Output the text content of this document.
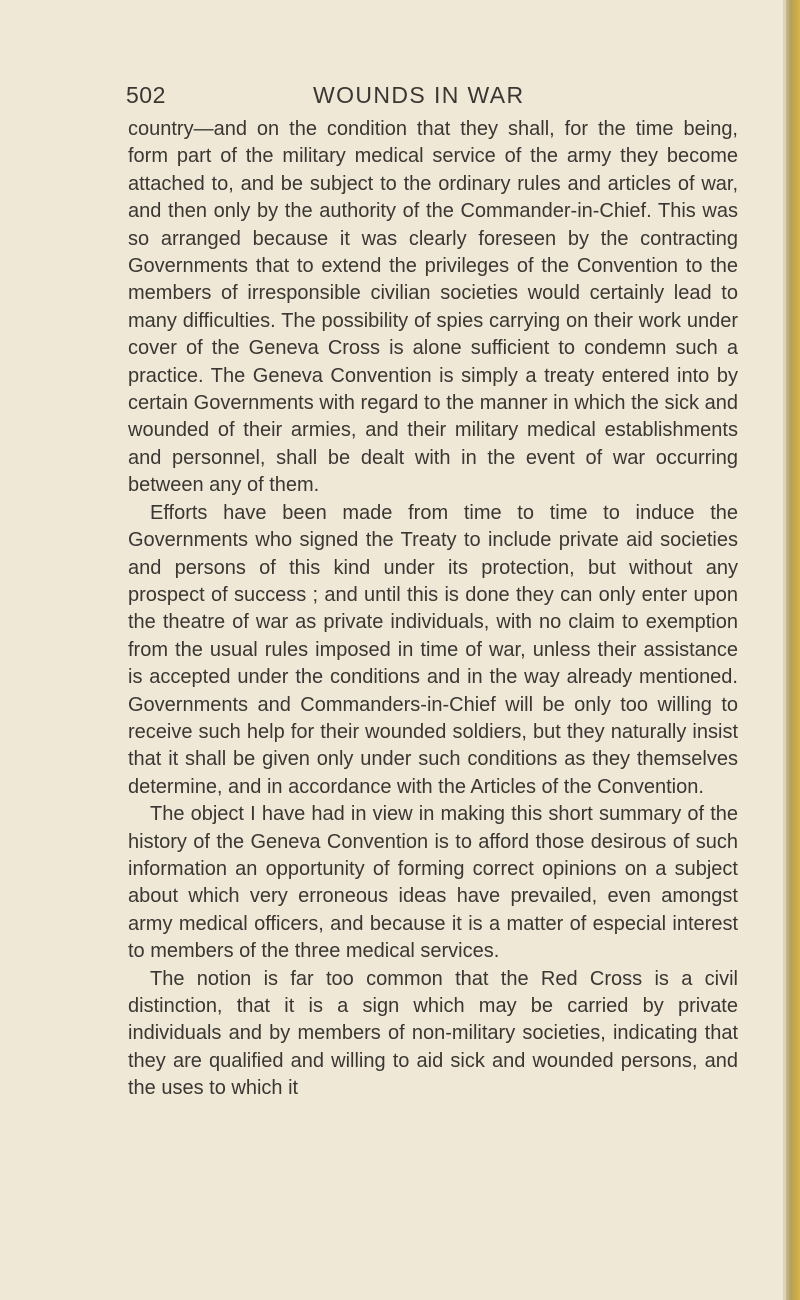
502	WOUNDS IN WAR

country—and on the condition that they shall, for the time being, form part of the military medical service of the army they become attached to, and be subject to the ordinary rules and articles of war, and then only by the authority of the Commander-in-Chief. This was so arranged because it was clearly foreseen by the contracting Governments that to extend the privileges of the Convention to the members of irresponsible civilian societies would certainly lead to many difficulties. The possibility of spies carrying on their work under cover of the Geneva Cross is alone sufficient to condemn such a practice. The Geneva Convention is simply a treaty entered into by certain Governments with regard to the manner in which the sick and wounded of their armies, and their military medical establishments and personnel, shall be dealt with in the event of war occurring between any of them.

Efforts have been made from time to time to induce the Governments who signed the Treaty to include private aid societies and persons of this kind under its protection, but without any prospect of success ; and until this is done they can only enter upon the theatre of war as private individuals, with no claim to exemption from the usual rules imposed in time of war, unless their assistance is accepted under the conditions and in the way already mentioned. Governments and Commanders-in-Chief will be only too willing to receive such help for their wounded soldiers, but they naturally insist that it shall be given only under such conditions as they themselves determine, and in accordance with the Articles of the Convention.

The object I have had in view in making this short summary of the history of the Geneva Convention is to afford those desirous of such information an opportunity of forming correct opinions on a subject about which very erroneous ideas have prevailed, even amongst army medical officers, and because it is a matter of especial interest to members of the three medical services.

The notion is far too common that the Red Cross is a civil distinction, that it is a sign which may be carried by private individuals and by members of non-military societies, indicating that they are qualified and willing to aid sick and wounded persons, and the uses to which it
